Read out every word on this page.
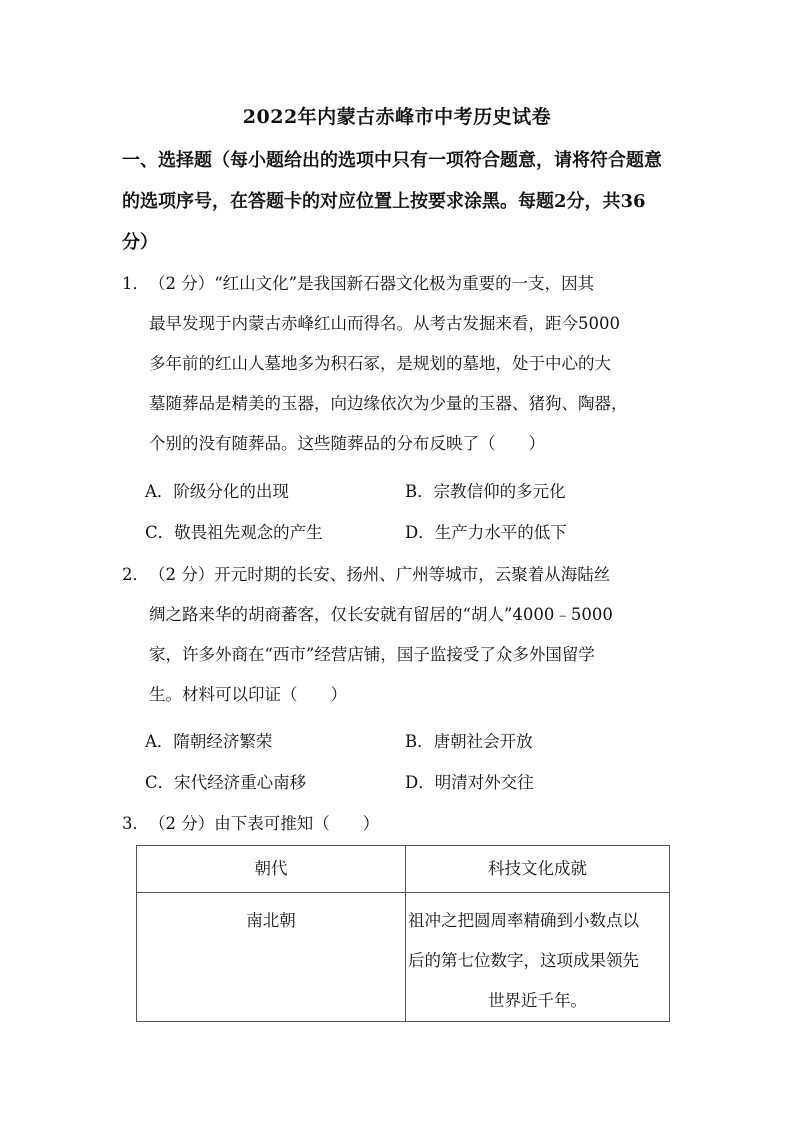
2022年内蒙古赤峰市中考历史试卷
一、选择题（每小题给出的选项中只有一项符合题意，请将符合题意
的选项序号，在答题卡的对应位置上按要求涂黑。每题2分，共36
分）
1． （2 分）“红山文化”是我国新石器文化极为重要的一支，因其
最早发现于内蒙古赤峰红山而得名。从考古发掘来看，距今5000
多年前的红山人墓地多为积石冢，是规划的墓地，处于中心的大
墓随葬品是精美的玉器，向边缘依次为少量的玉器、猪狗、陶器，
个别的没有随葬品。这些随葬品的分布反映了（　　）
A．阶级分化的出现	B．宗教信仰的多元化
C．敬畏祖先观念的产生	D．生产力水平的低下
2． （2 分）开元时期的长安、扬州、广州等城市，云聚着从海陆丝
绸之路来华的胡商蕃客，仅长安就有留居的“胡人”4000﹣5000
家，许多外商在“西市”经营店铺，国子监接受了众多外国留学
生。材料可以印证（　　）
A．隋朝经济繁荣	B．唐朝社会开放
C．宋代经济重心南移	D．明清对外交往
3． （2 分）由下表可推知（　　）
朝代	科技文化成就

南北朝	祖冲之把圆周率精确到小数点以
后的第七位数字，这项成果领先
世界近千年。
